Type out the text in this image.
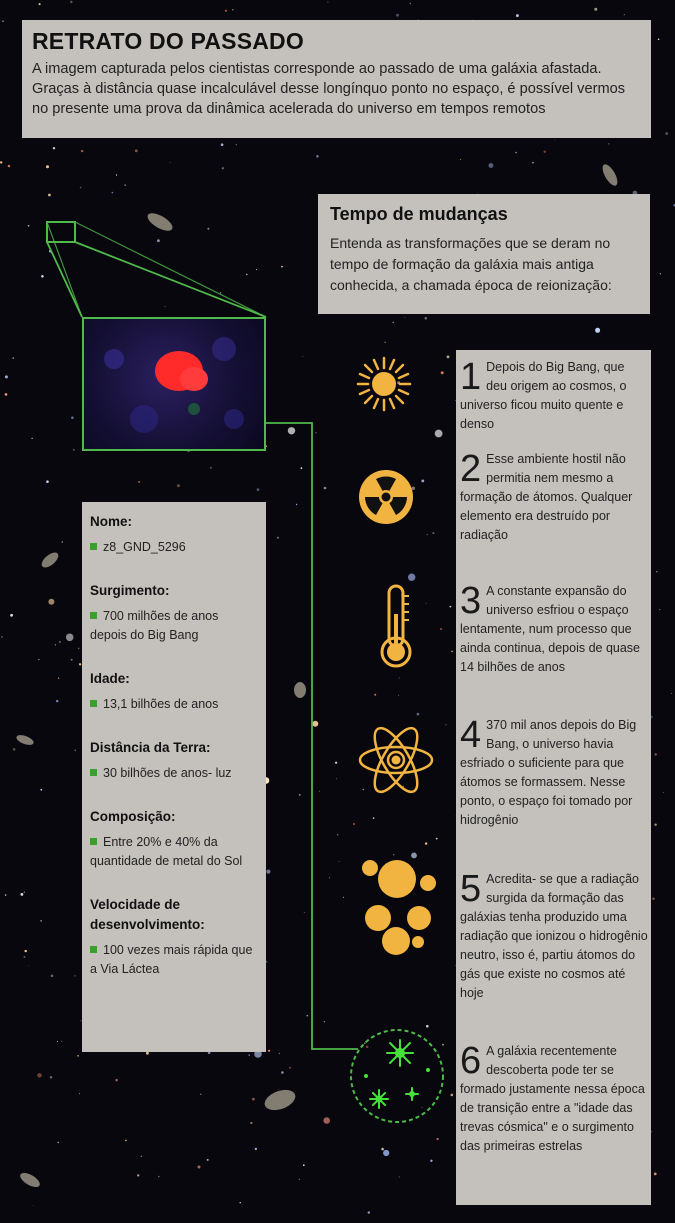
RETRATO DO PASSADO

A imagem capturada pelos cientistas corresponde ao passado de uma galáxia afastada. Graças à distância quase incalculável desse longínquo ponto no espaço, é possível vermos no presente uma prova da dinâmica acelerada do universo em tempos remotos

Tempo de mudanças

Entenda as transformações que se deram no tempo de formação da galáxia mais antiga conhecida, a chamada época de reionização:

Nome:
z8_GND_5296
Surgimento:
700 milhões de anos depois do Big Bang
Idade:
13,1 bilhões de anos
Distância da Terra:
30 bilhões de anos- luz
Composição:
Entre 20% e 40% da quantidade de metal do Sol
Velocidade de desenvolvimento:
100 vezes mais rápida que a Via Láctea
1 Depois do Big Bang, que deu origem ao cosmos, o universo ficou muito quente e denso
2 Esse ambiente hostil não permitia nem mesmo a formação de átomos. Qualquer elemento era destruído por radiação
3 A constante expansão do universo esfriou o espaço lentamente, num processo que ainda continua, depois de quase 14 bilhões de anos
4 370 mil anos depois do Big Bang, o universo havia esfriado o suficiente para que átomos se formassem. Nesse ponto, o espaço foi tomado por hidrogênio
5 Acredita- se que a radiação surgida da formação das galáxias tenha produzido uma radiação que ionizou o hidrogênio neutro, isso é, partiu átomos do gás que existe no cosmos até hoje
6 A galáxia recentemente descoberta pode ter se formado justamente nessa época de transição entre a "idade das trevas cósmica" e o surgimento das primeiras estrelas
